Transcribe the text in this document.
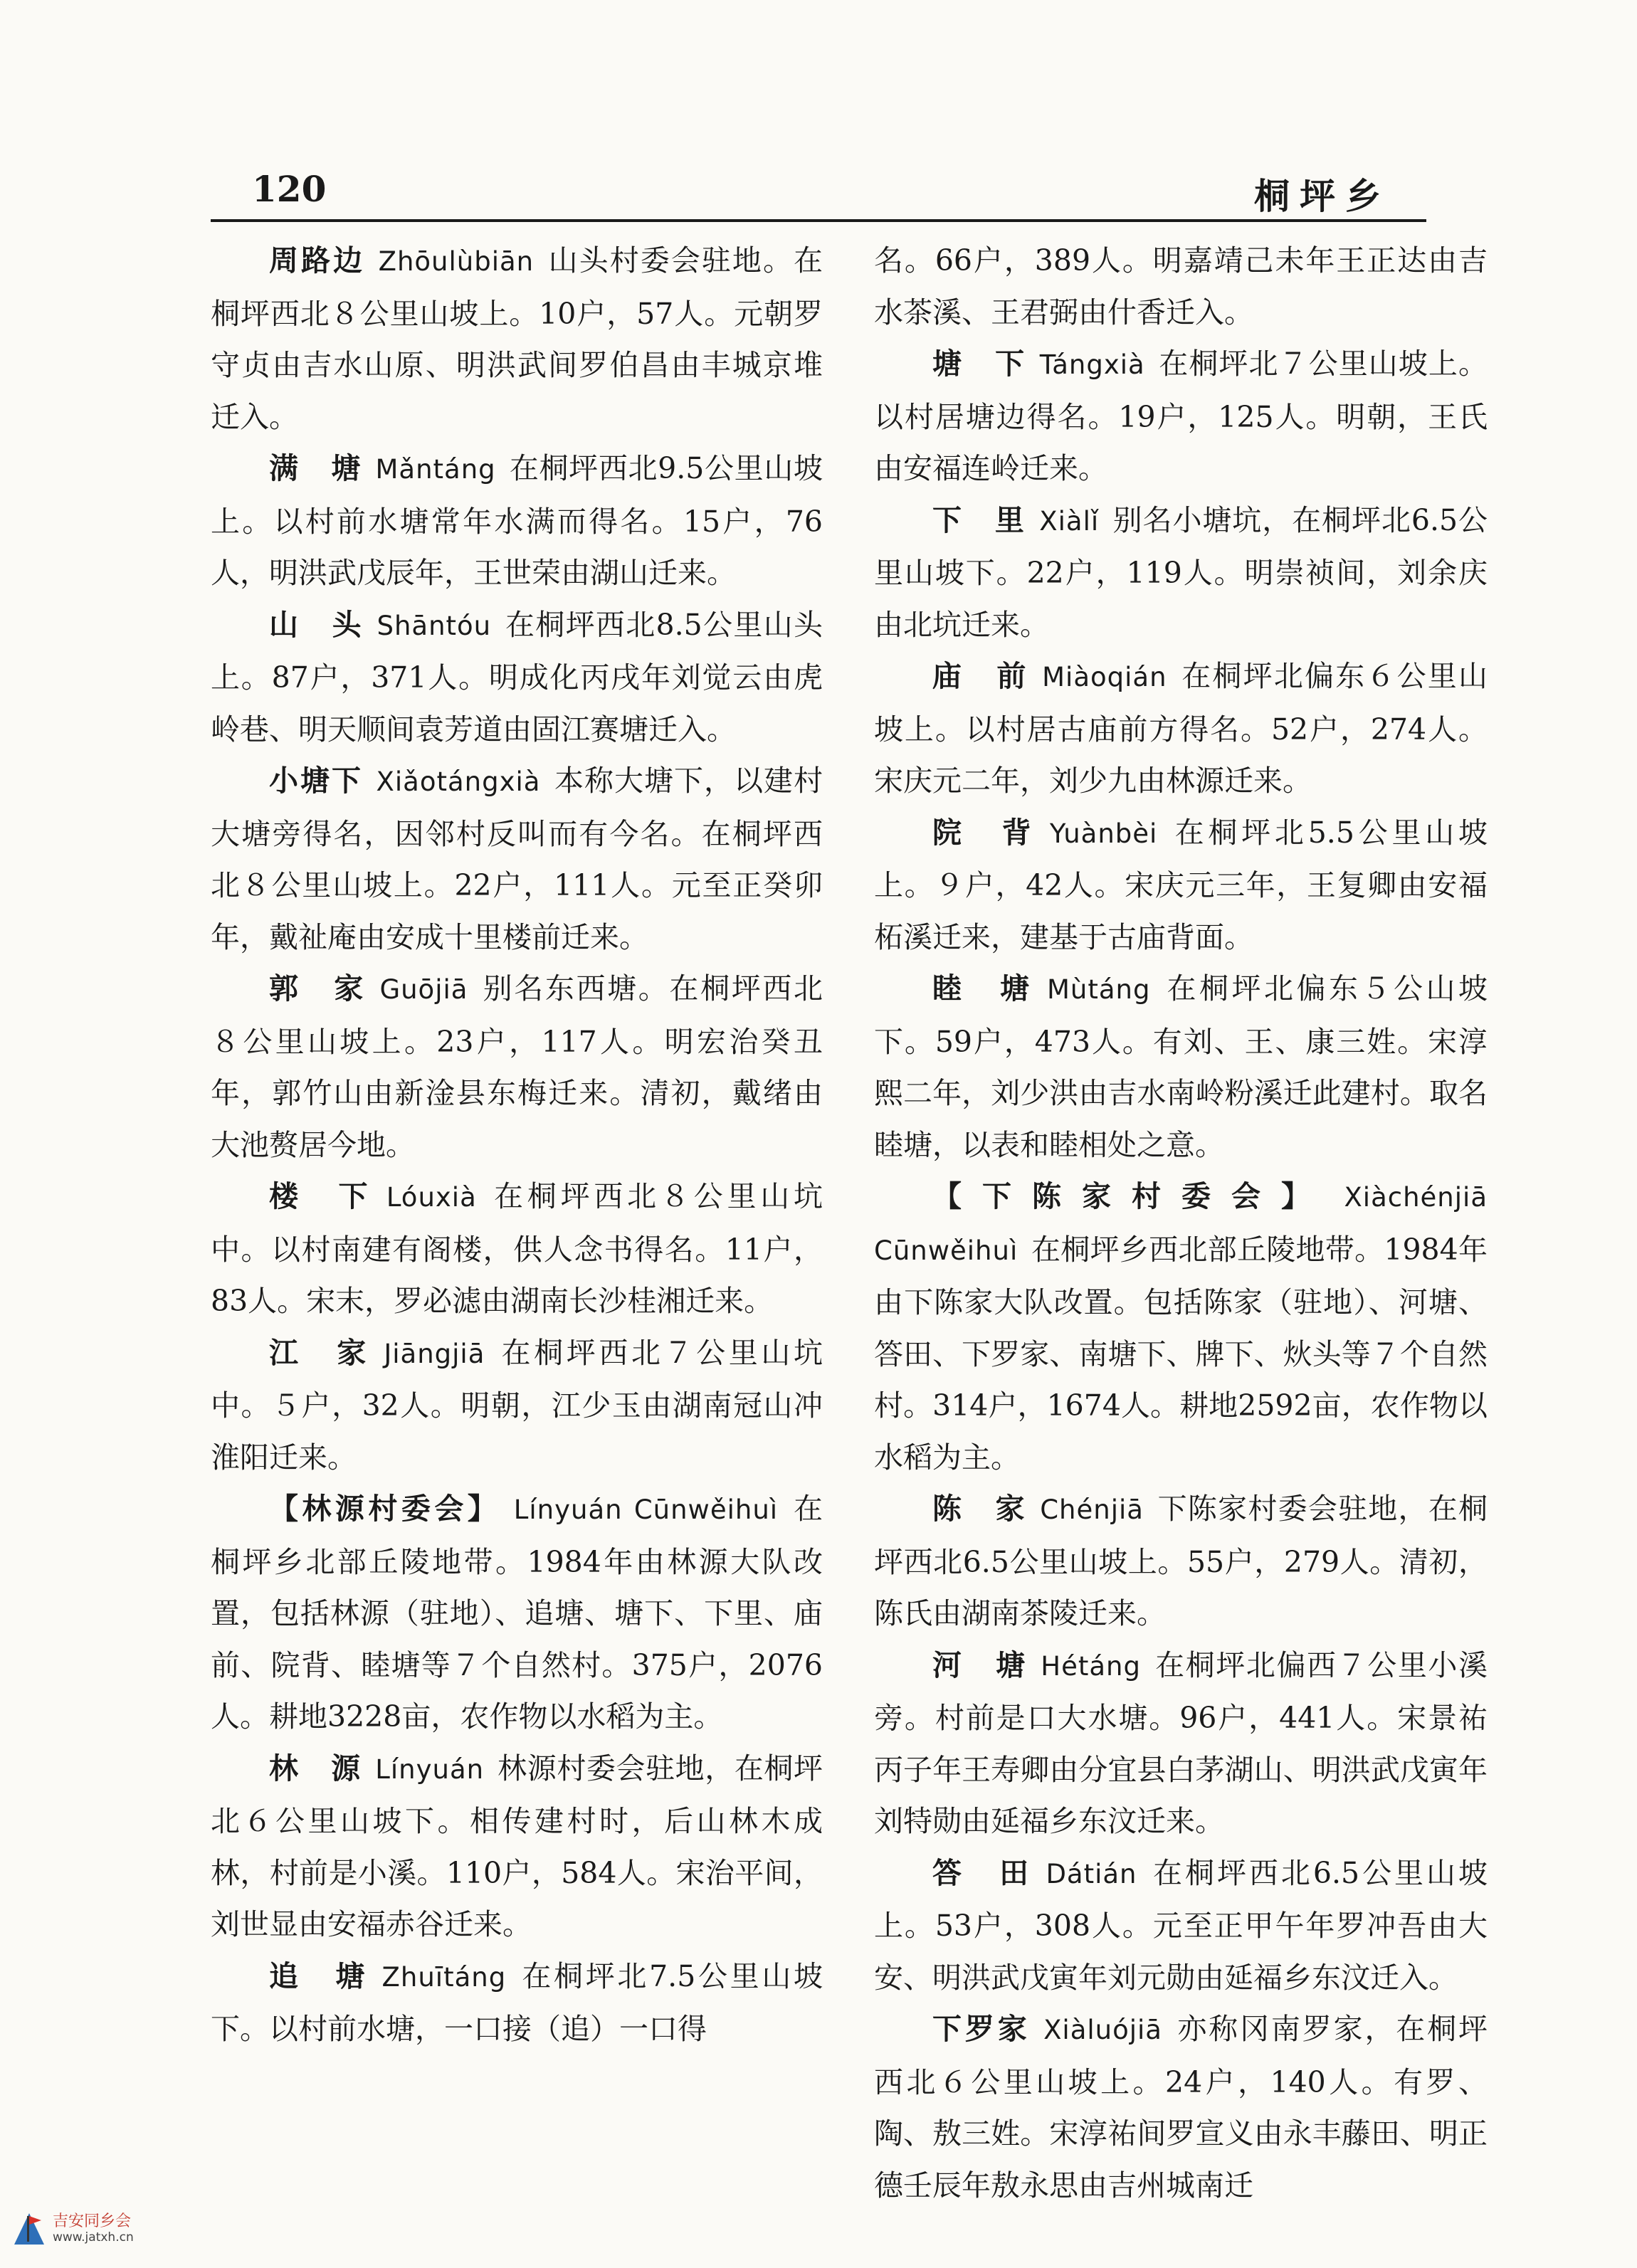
120	桐坪乡

周路边 Zhōulùbiān 山头村委会驻地。在桐坪西北８公里山坡上。10户，57人。元朝罗守贞由吉水山原、明洪武间罗伯昌由丰城京堆迁入。

满　塘 Mǎntáng 在桐坪西北9.5公里山坡上。以村前水塘常年水满而得名。15户，76人，明洪武戊辰年，王世荣由湖山迁来。

山　头 Shāntóu 在桐坪西北8.5公里山头上。87户，371人。明成化丙戌年刘觉云由虎岭巷、明天顺间袁芳道由固江赛塘迁入。

小塘下 Xiǎotángxià 本称大塘下，以建村大塘旁得名，因邻村反叫而有今名。在桐坪西北８公里山坡上。22户，111人。元至正癸卯年，戴祉庵由安成十里楼前迁来。

郭　家 Guōjiā 别名东西塘。在桐坪西北８公里山坡上。23户，117人。明宏治癸丑年，郭竹山由新淦县东梅迁来。清初，戴绪由大池赘居今地。

楼　下 Lóuxià 在桐坪西北８公里山坑中。以村南建有阁楼，供人念书得名。11户，83人。宋末，罗必滤由湖南长沙桂湘迁来。

江　家 Jiāngjiā 在桐坪西北７公里山坑中。５户，32人。明朝，江少玉由湖南冠山冲淮阳迁来。

【林源村委会】 Línyuán Cūnwěihuì 在桐坪乡北部丘陵地带。1984年由林源大队改置，包括林源（驻地）、追塘、塘下、下里、庙前、院背、睦塘等７个自然村。375户，2076人。耕地3228亩，农作物以水稻为主。

林　源 Línyuán 林源村委会驻地，在桐坪北６公里山坡下。相传建村时，后山林木成林，村前是小溪。110户，584人。宋治平间，刘世显由安福赤谷迁来。

追　塘 Zhuītáng 在桐坪北7.5公里山坡下。以村前水塘，一口接（追）一口得

名。66户，389人。明嘉靖己未年王正达由吉水茶溪、王君弼由什香迁入。

塘　下 Tángxià 在桐坪北７公里山坡上。以村居塘边得名。19户，125人。明朝，王氏由安福连岭迁来。

下　里 Xiàlǐ 别名小塘坑，在桐坪北6.5公里山坡下。22户，119人。明崇祯间，刘余庆由北坑迁来。

庙　前 Miàoqián 在桐坪北偏东６公里山坡上。以村居古庙前方得名。52户，274人。宋庆元二年，刘少九由林源迁来。

院　背 Yuànbèi 在桐坪北5.5公里山坡上。９户，42人。宋庆元三年，王复卿由安福柘溪迁来，建基于古庙背面。

睦　塘 Mùtáng 在桐坪北偏东５公山坡下。59户，473人。有刘、王、康三姓。宋淳熙二年，刘少洪由吉水南岭粉溪迁此建村。取名睦塘，以表和睦相处之意。

【下陈家村委会】 Xiàchénjiā Cūnwěihuì 在桐坪乡西北部丘陵地带。1984年由下陈家大队改置。包括陈家（驻地）、河塘、答田、下罗家、南塘下、牌下、炏头等７个自然村。314户，1674人。耕地2592亩，农作物以水稻为主。

陈　家 Chénjiā 下陈家村委会驻地，在桐坪西北6.5公里山坡上。55户，279人。清初，陈氏由湖南茶陵迁来。

河　塘 Hétáng 在桐坪北偏西７公里小溪旁。村前是口大水塘。96户，441人。宋景祐丙子年王寿卿由分宜县白茅湖山、明洪武戊寅年刘特勋由延福乡东汶迁来。

答　田 Dátián 在桐坪西北6.5公里山坡上。53户，308人。元至正甲午年罗冲吾由大安、明洪武戊寅年刘元勋由延福乡东汶迁入。

下罗家 Xiàluójiā 亦称冈南罗家，在桐坪西北６公里山坡上。24户，140人。有罗、陶、敖三姓。宋淳祐间罗宣义由永丰藤田、明正德壬辰年敖永思由吉州城南迁

吉安同乡会
www.jatxh.cn
